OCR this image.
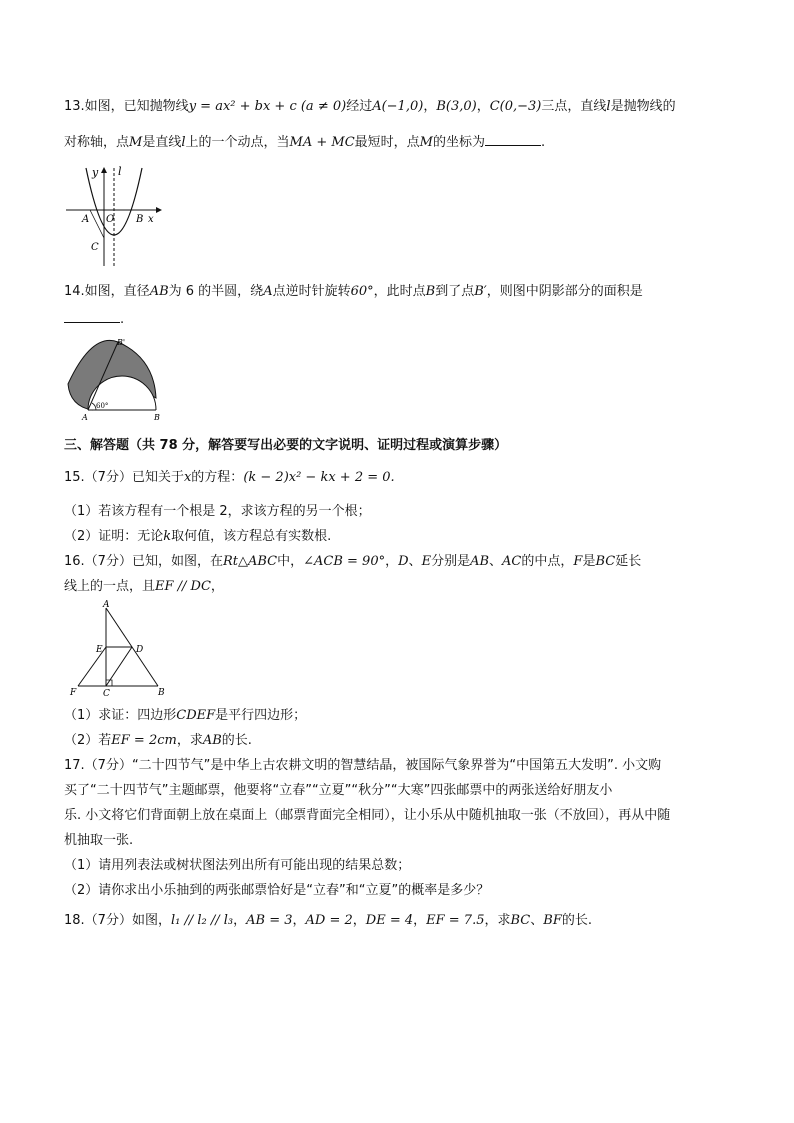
13.如图，已知抛物线y = ax² + bx + c (a ≠ 0)经过A(−1,0)，B(3,0)，C(0,−3)三点，直线l是抛物线的
对称轴，点M是直线l上的一个动点，当MA + MC最短时，点M的坐标为	.
y l
A O B x
C
14.如图，直径AB为 6 的半圆，绕A点逆时针旋转60°，此时点B到了点B′，则图中阴影部分的面积是
.
B'
A	B
60°
三、解答题（共 78 分，解答要写出必要的文字说明、证明过程或演算步骤）
15.（7分）已知关于x的方程：(k − 2)x² − kx + 2 = 0.
（1）若该方程有一个根是 2，求该方程的另一个根；
（2）证明：无论k取何值，该方程总有实数根.
16.（7分）已知，如图，在Rt△ABC中，∠ACB = 90°，D、E分别是AB、AC的中点，F是BC延长
线上的一点，且EF // DC，
A
E	D
F	C	B
（1）求证：四边形CDEF是平行四边形；
（2）若EF = 2cm，求AB的长.
17.（7分）“二十四节气”是中华上古农耕文明的智慧结晶，被国际气象界誉为“中国第五大发明”. 小文购
买了“二十四节气”主题邮票，他要将“立春”“立夏”“秋分”“大寒”四张邮票中的两张送给好朋友小
乐. 小文将它们背面朝上放在桌面上（邮票背面完全相同），让小乐从中随机抽取一张（不放回），再从中随
机抽取一张.
（1）请用列表法或树状图法列出所有可能出现的结果总数；
（2）请你求出小乐抽到的两张邮票恰好是“立春”和“立夏”的概率是多少？
18.（7分）如图，l₁ // l₂ // l₃，AB = 3，AD = 2，DE = 4，EF = 7.5，求BC、BF的长.
